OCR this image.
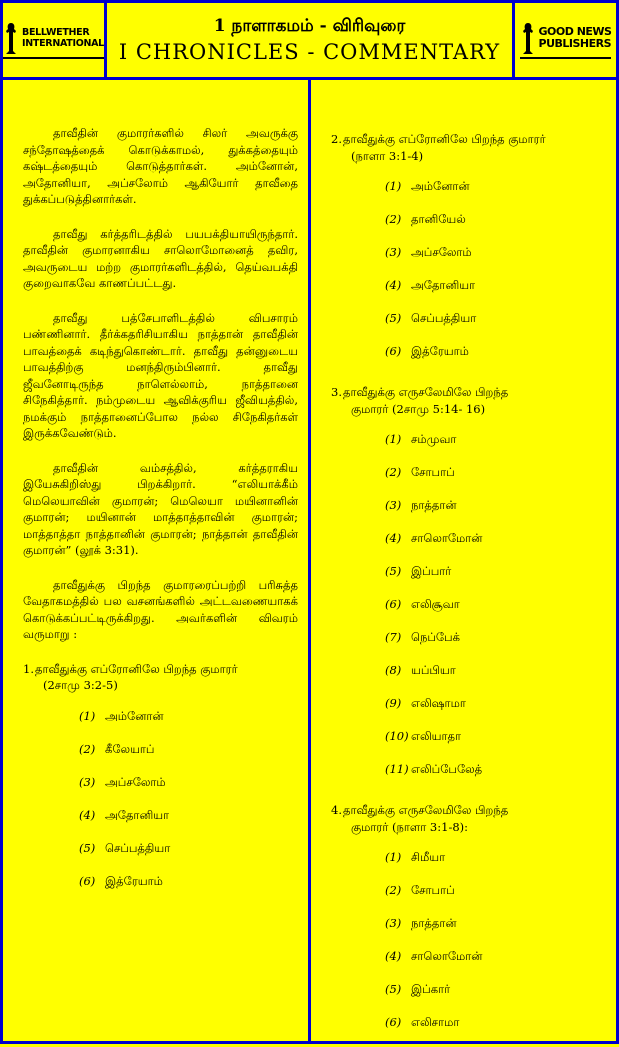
BELLWETHER
INTERNATIONAL
1 நாளாகமம் - விரிவுரை
I CHRONICLES - COMMENTARY
GOOD NEWS
PUBLISHERS

தாவீதின் குமாரர்களில் சிலர் அவருக்கு சந்தோஷத்தைக் கொடுக்காமல், துக்கத்தையும் கஷ்டத்தையும் கொடுத்தார்கள். அம்னோன், அதோனியா, அப்சலோம் ஆகியோர் தாவீதை துக்கப்படுத்தினார்கள்.

தாவீது கர்த்தரிடத்தில் பயபக்தியாயிருந்தார். தாவீதின் குமாரனாகிய சாலொமோனைத் தவிர, அவருடைய மற்ற குமாரர்களிடத்தில், தெய்வபக்தி குறைவாகவே காணப்பட்டது.

தாவீது பத்சேபாளிடத்தில் விபசாரம் பண்ணினார். தீர்க்கதரிசியாகிய நாத்தான் தாவீதின் பாவத்தைக் கடிந்துகொண்டார். தாவீது தன்னுடைய பாவத்திற்கு மனந்திரும்பினார். தாவீது ஜீவனோடிருந்த நாளெல்லாம், நாத்தானை சிநேகித்தார். நம்முடைய ஆவிக்குரிய ஜீவியத்தில், நமக்கும் நாத்தானைப்போல நல்ல சிநேகிதர்கள் இருக்கவேண்டும்.

தாவீதின் வம்சத்தில், கர்த்தராகிய இயேசுகிறிஸ்து பிறக்கிறார். “எலியாக்கீம் மெலெயாவின் குமாரன்; மெலெயா மயினானின் குமாரன்; மயினான் மாத்தாத்தாவின் குமாரன்; மாத்தாத்தா நாத்தானின் குமாரன்; நாத்தான் தாவீதின் குமாரன்” (லூக் 3:31).

தாவீதுக்கு பிறந்த குமாரரைப்பற்றி பரிசுத்த வேதாகமத்தில் பல வசனங்களில் அட்டவணையாகக் கொடுக்கப்பட்டிருக்கிறது. அவர்களின் விவரம் வருமாறு :

1. தாவீதுக்கு எப்ரோனிலே பிறந்த குமாரர்
(2சாமு 3:2-5)
(1) அம்னோன்
(2) கீலேயாப்
(3) அப்சலோம்
(4) அதோனியா
(5) செப்பத்தியா
(6) இத்ரேயாம்
2. தாவீதுக்கு எப்ரோனிலே பிறந்த குமாரர்
(நாளா 3:1-4)
(1) அம்னோன்
(2) தானியேல்
(3) அப்சலோம்
(4) அதோனியா
(5) செப்பத்தியா
(6) இத்ரேயாம்
3. தாவீதுக்கு எருசலேமிலே பிறந்த
குமாரர் (2சாமு 5:14- 16)
(1) சம்முவா
(2) சோபாப்
(3) நாத்தான்
(4) சாலொமோன்
(5) இப்பார்
(6) எலிசூவா
(7) நெப்பேக்
(8) யப்பியா
(9) எலிஷாமா
(10) எலியாதா
(11) எலிப்பேலேத்
4. தாவீதுக்கு எருசலேமிலே பிறந்த
குமாரர் (நாளா 3:1-8):
(1) சிமீயா
(2) சோபாப்
(3) நாத்தான்
(4) சாலொமோன்
(5) இப்கார்
(6) எலிசாமா
